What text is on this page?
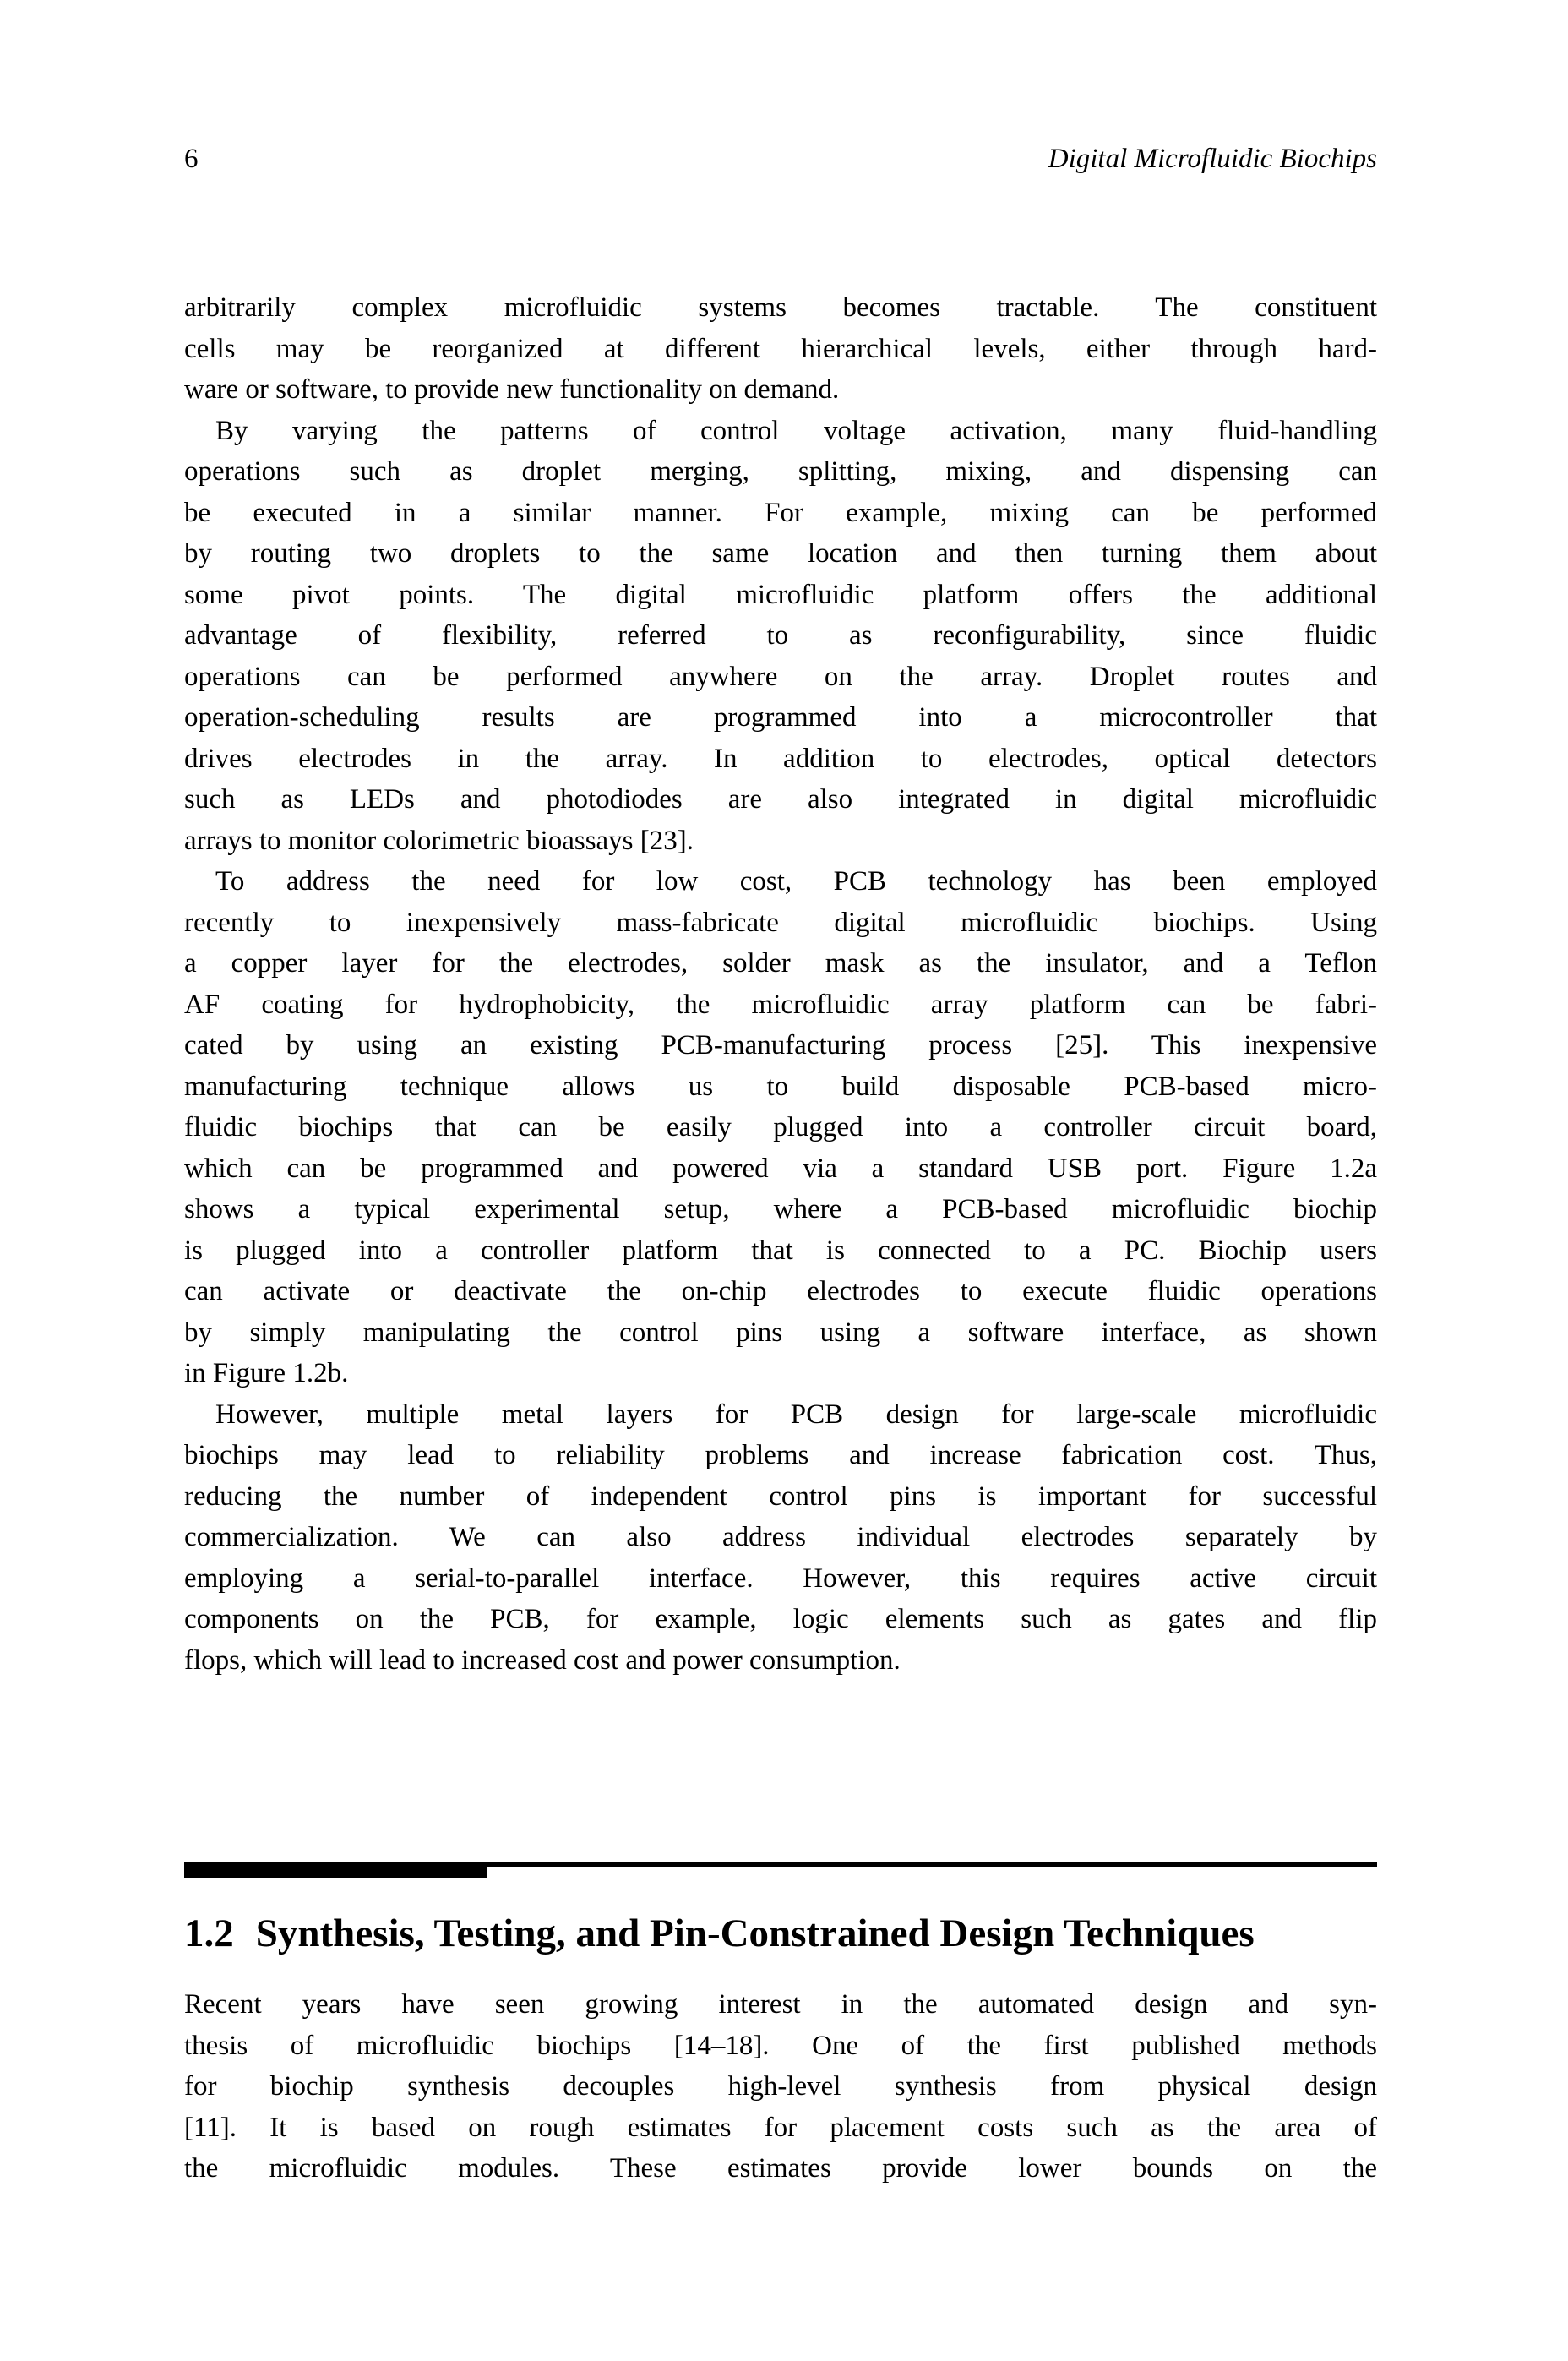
6	Digital Microfluidic Biochips
arbitrarily complex microfluidic systems becomes tractable. The constituent
cells may be reorganized at different hierarchical levels, either through hard-
ware or software, to provide new functionality on demand.
By varying the patterns of control voltage activation, many fluid-handling
operations such as droplet merging, splitting, mixing, and dispensing can
be executed in a similar manner. For example, mixing can be performed
by routing two droplets to the same location and then turning them about
some pivot points. The digital microfluidic platform offers the additional
advantage of flexibility, referred to as reconfigurability, since fluidic
operations can be performed anywhere on the array. Droplet routes and
operation-scheduling results are programmed into a microcontroller that
drives electrodes in the array. In addition to electrodes, optical detectors
such as LEDs and photodiodes are also integrated in digital microfluidic
arrays to monitor colorimetric bioassays [23].
To address the need for low cost, PCB technology has been employed
recently to inexpensively mass-fabricate digital microfluidic biochips. Using
a copper layer for the electrodes, solder mask as the insulator, and a Teflon
AF coating for hydrophobicity, the microfluidic array platform can be fabri-
cated by using an existing PCB-manufacturing process [25]. This inexpensive
manufacturing technique allows us to build disposable PCB-based micro-
fluidic biochips that can be easily plugged into a controller circuit board,
which can be programmed and powered via a standard USB port. Figure 1.2a
shows a typical experimental setup, where a PCB-based microfluidic biochip
is plugged into a controller platform that is connected to a PC. Biochip users
can activate or deactivate the on-chip electrodes to execute fluidic operations
by simply manipulating the control pins using a software interface, as shown
in Figure 1.2b.
However, multiple metal layers for PCB design for large-scale microfluidic
biochips may lead to reliability problems and increase fabrication cost. Thus,
reducing the number of independent control pins is important for successful
commercialization. We can also address individual electrodes separately by
employing a serial-to-parallel interface. However, this requires active circuit
components on the PCB, for example, logic elements such as gates and flip
flops, which will lead to increased cost and power consumption.
1.2 Synthesis, Testing, and Pin-Constrained Design Techniques
Recent years have seen growing interest in the automated design and syn-
thesis of microfluidic biochips [14–18]. One of the first published methods
for biochip synthesis decouples high-level synthesis from physical design
[11]. It is based on rough estimates for placement costs such as the area of
the microfluidic modules. These estimates provide lower bounds on the
